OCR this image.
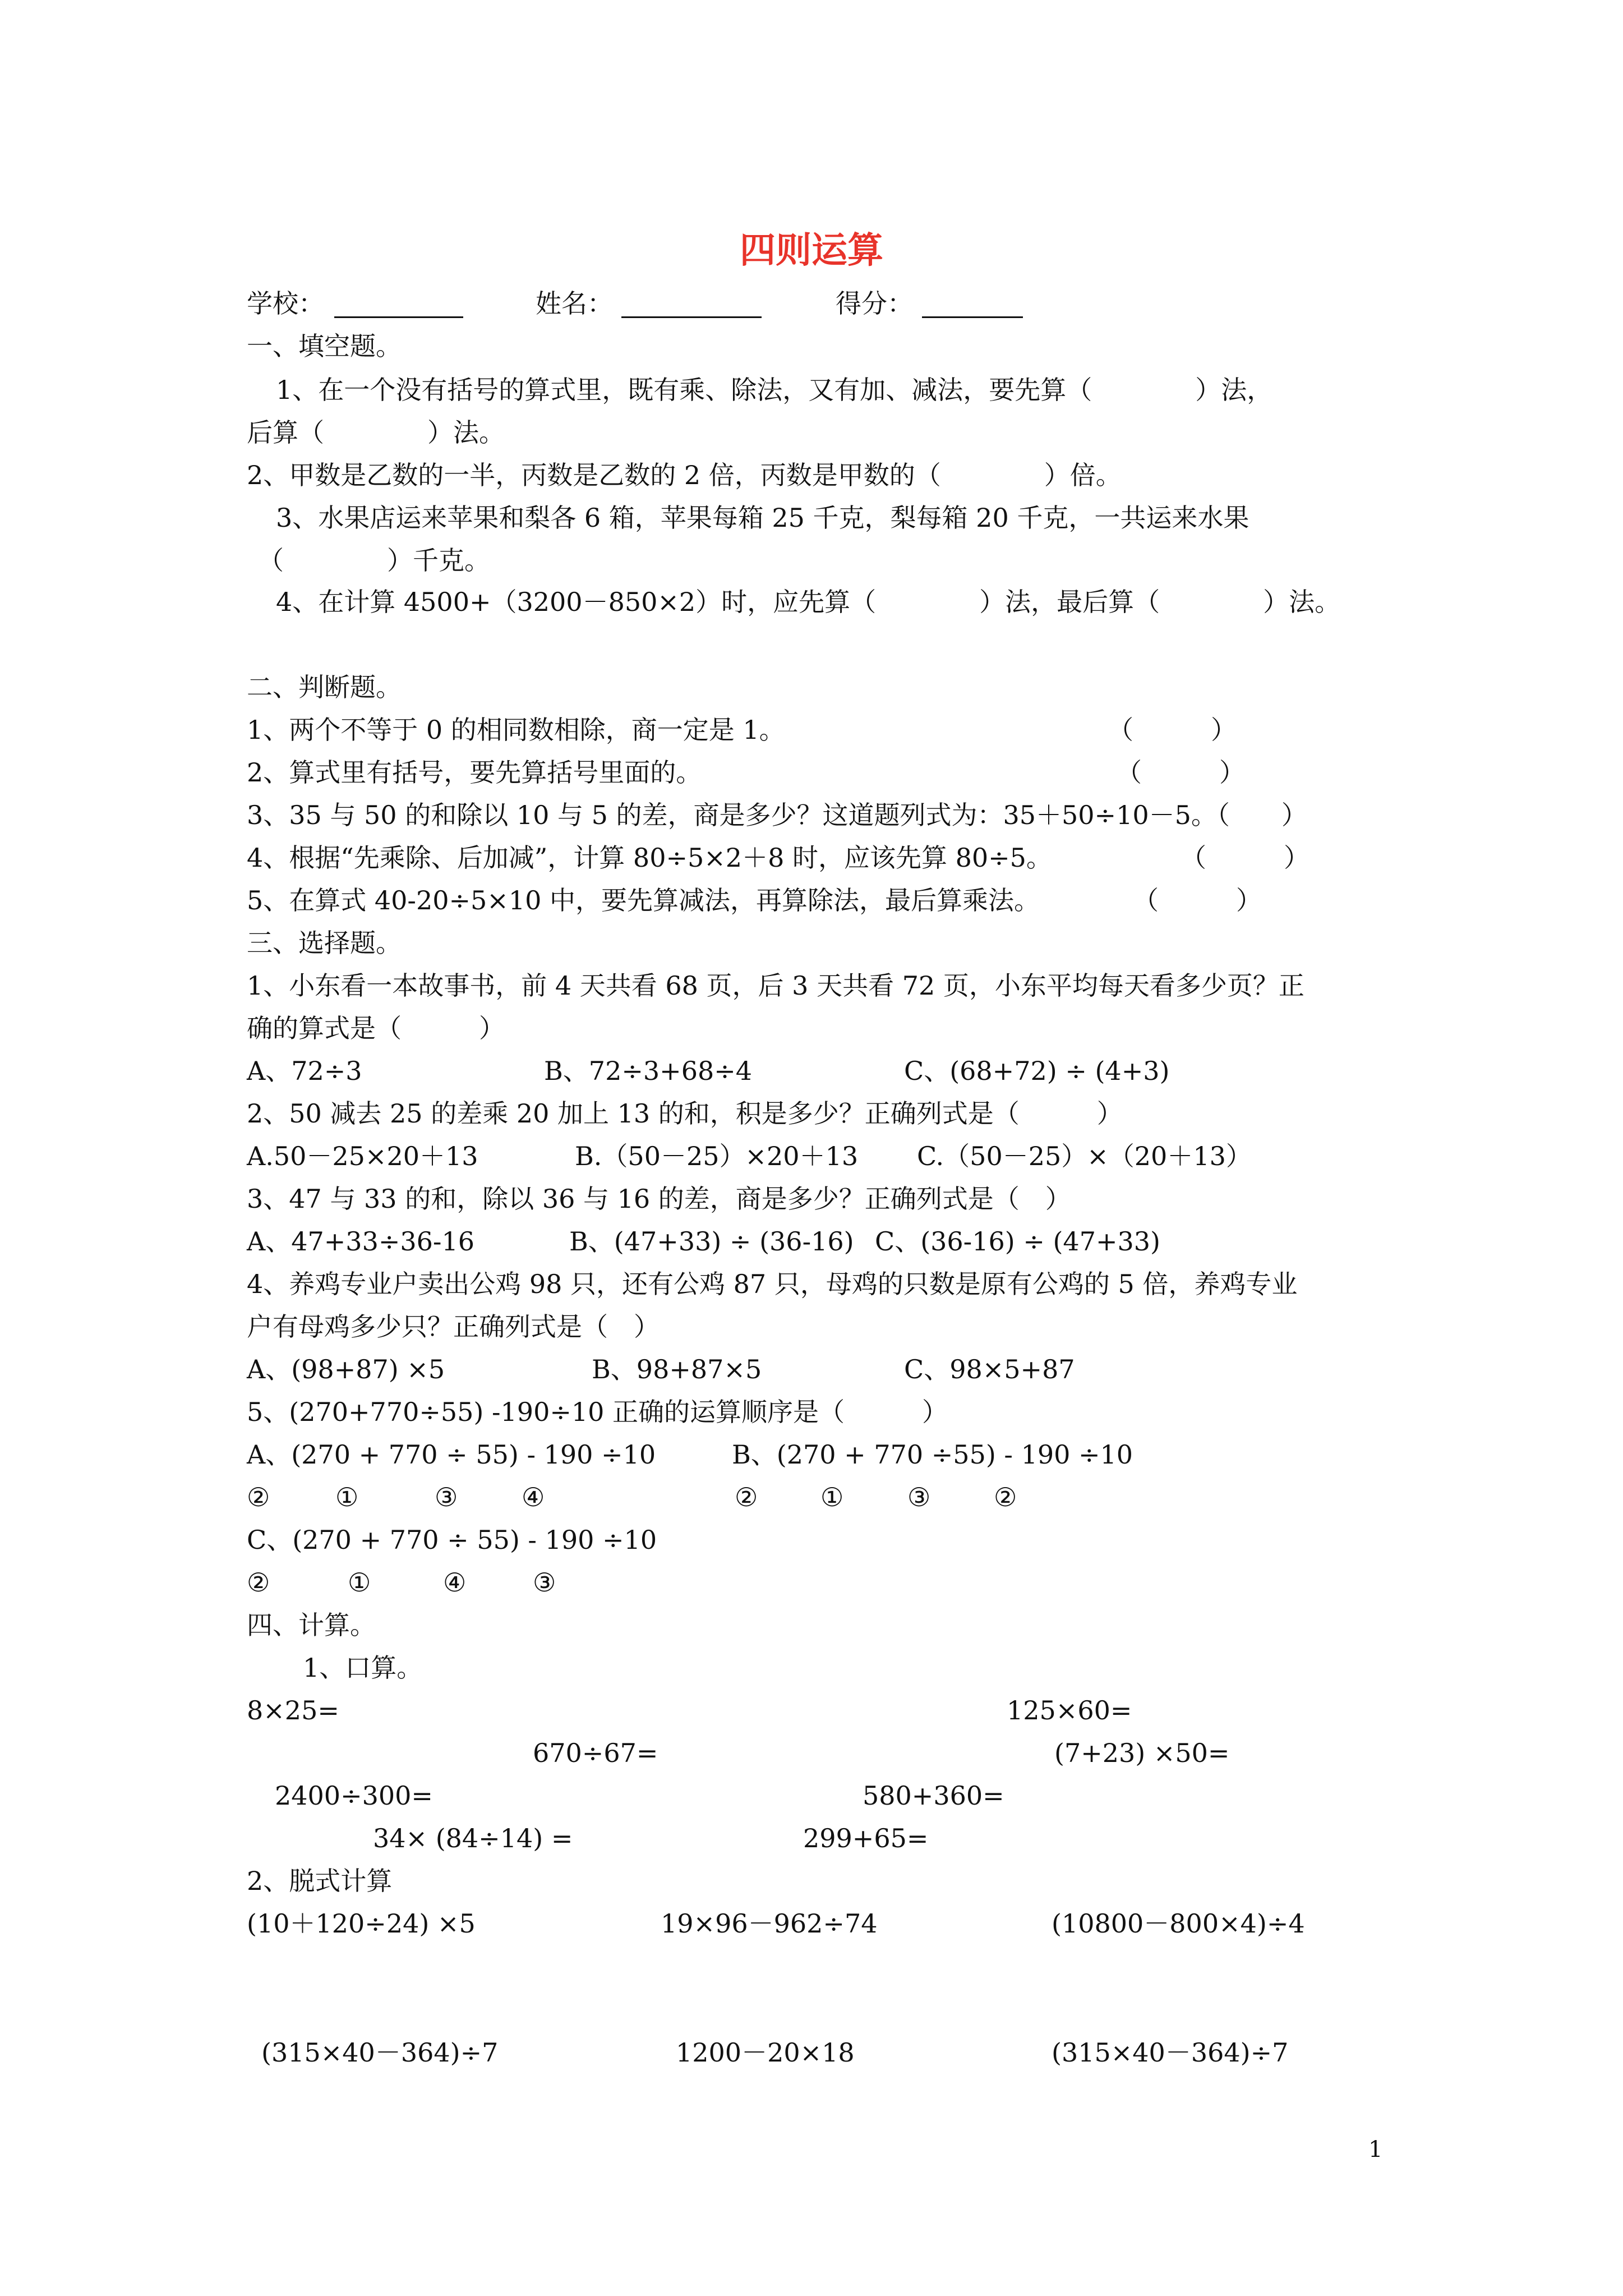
四则运算
学校：	姓名：	得分：
一、填空题。
1、在一个没有括号的算式里，既有乘、除法，又有加、减法，要先算（　　　　）法，
后算（　　　　）法。
2、甲数是乙数的一半，丙数是乙数的 2 倍，丙数是甲数的（　　　　）倍。
3、水果店运来苹果和梨各 6 箱，苹果每箱 25 千克，梨每箱 20 千克，一共运来水果
（　　　　）千克。
4、在计算 4500+（3200－850×2）时，应先算（　　　　）法，最后算（　　　　）法。
二、判断题。
1、两个不等于 0 的相同数相除，商一定是 1。	（　　　）
2、算式里有括号，要先算括号里面的。	（　　　）
3、35 与 50 的和除以 10 与 5 的差，商是多少？这道题列式为：35＋50÷10－5。（　　）
4、根据“先乘除、后加减”，计算 80÷5×2＋8 时，应该先算 80÷5。	（　　　）
5、在算式 40-20÷5×10 中，要先算减法，再算除法，最后算乘法。	（　　　）
三、选择题。
1、小东看一本故事书，前 4 天共看 68 页，后 3 天共看 72 页，小东平均每天看多少页？正
确的算式是（　　　）
A、72÷3	B、72÷3+68÷4	C、(68+72) ÷ (4+3)
2、50 减去 25 的差乘 20 加上 13 的和，积是多少？正确列式是（　　　）
A.50－25×20＋13	B.（50－25）×20＋13 C.（50－25）×（20＋13）
3、47 与 33 的和，除以 36 与 16 的差，商是多少？正确列式是（　）
A、47+33÷36-16	B、(47+33) ÷ (36-16) C、(36-16) ÷ (47+33)
4、养鸡专业户卖出公鸡 98 只，还有公鸡 87 只，母鸡的只数是原有公鸡的 5 倍，养鸡专业
户有母鸡多少只？正确列式是（　）
A、(98+87) ×5	B、98+87×5	C、98×5+87
5、(270+770÷55) -190÷10 正确的运算顺序是（　　　）
A、(270 + 770 ÷ 55) - 190 ÷10	B、(270 + 770 ÷55) - 190 ÷10
②	①	③ ④	② ① ③ ②
C、(270 + 770 ÷ 55) - 190 ÷10
②	①	④	③
四、计算。
1、口算。
8×25=	125×60=
670÷67=	(7+23) ×50=
2400÷300=	580+360=
34× (84÷14) =	299+65=
2、脱式计算
(10＋120÷24) ×5	19×96－962÷74	(10800－800×4)÷4
(315×40－364)÷7	1200－20×18	(315×40－364)÷7
1
